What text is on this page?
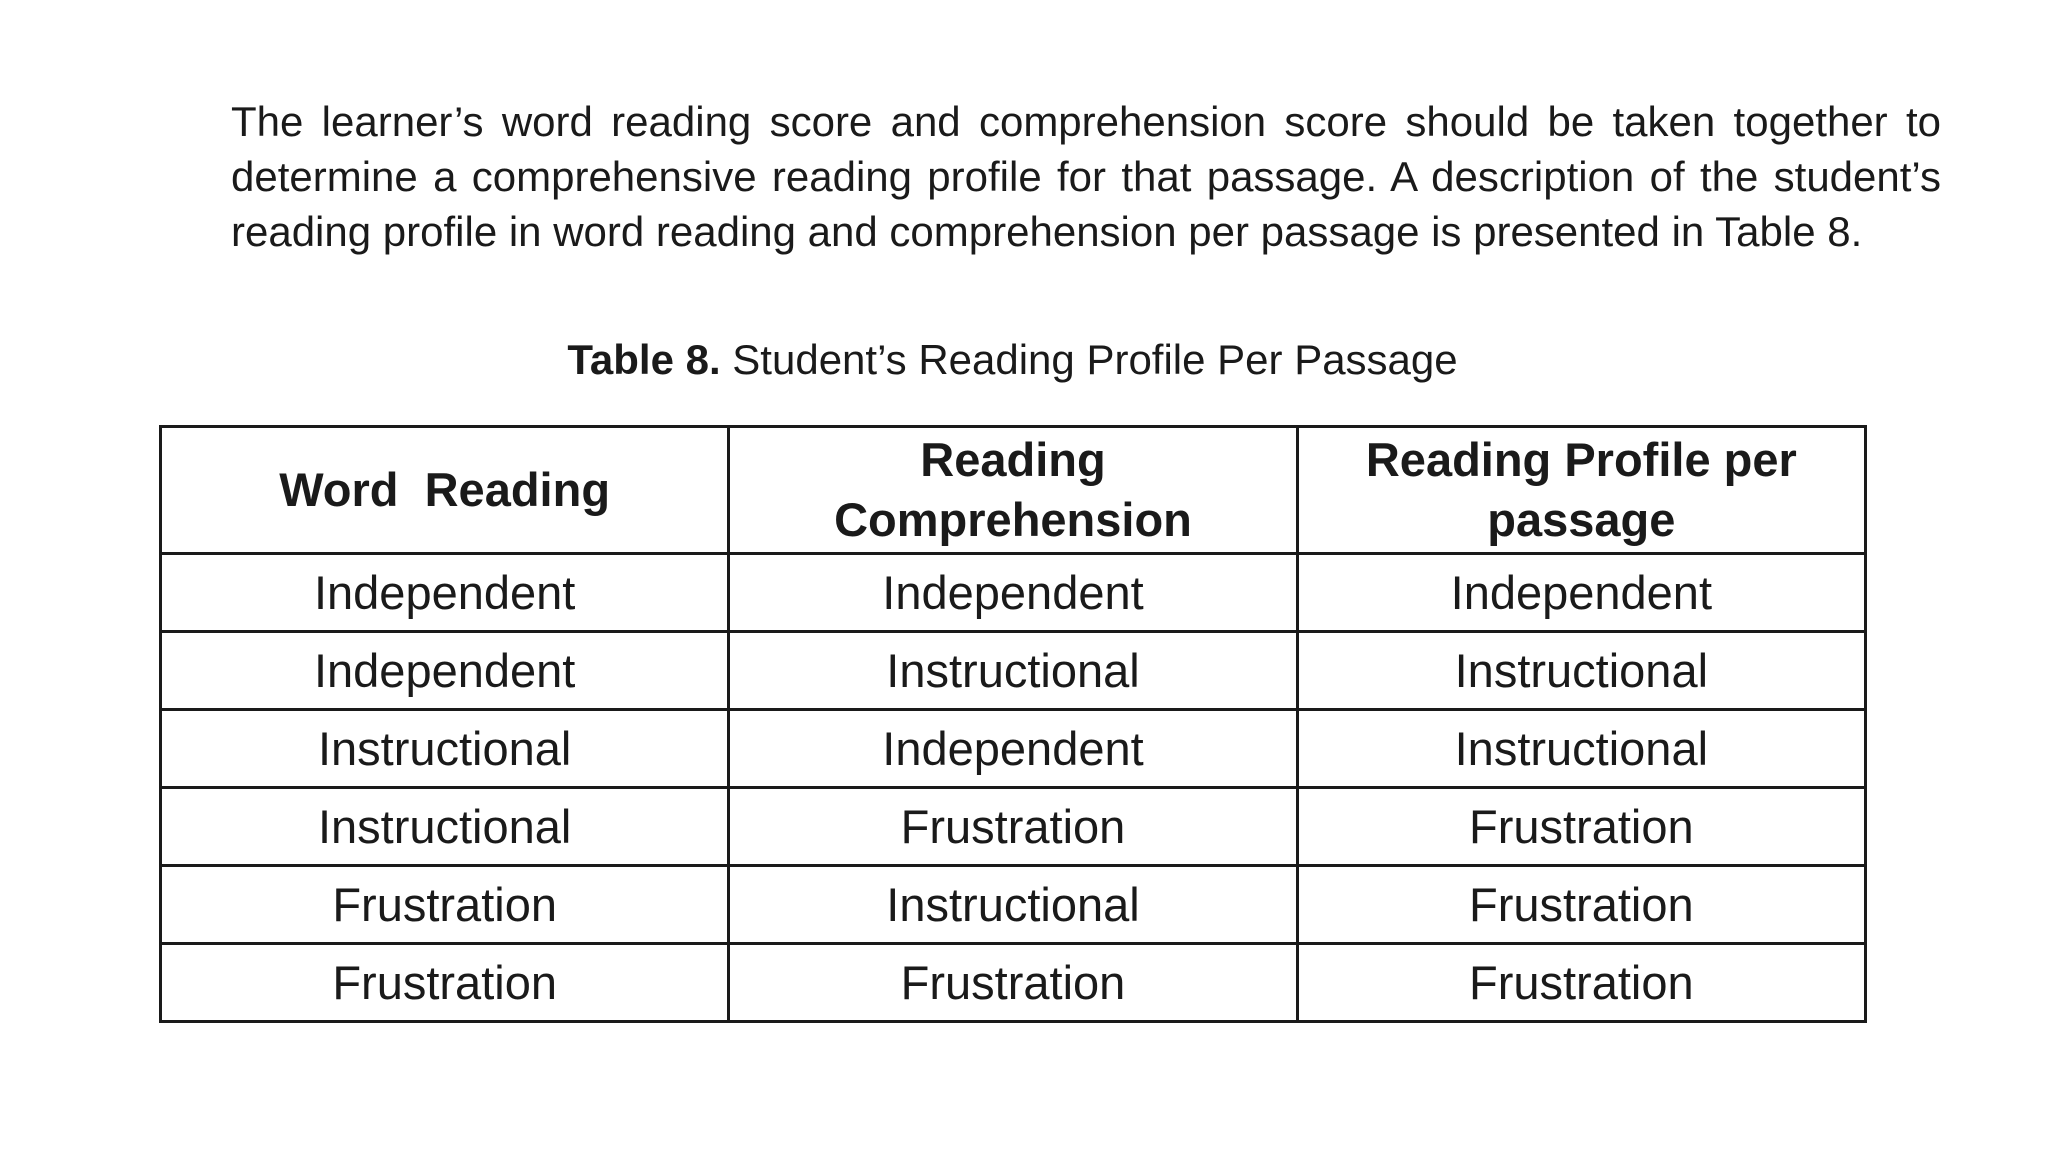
The learner’s word reading score and comprehension score should be taken together to determine a comprehensive reading profile for that passage. A description of the student’s reading profile in word reading and comprehension per passage is presented in Table 8.

Table 8. Student’s Reading Profile Per Passage

Word  Reading	Reading Comprehension	Reading Profile per passage
Independent	Independent	Independent
Independent	Instructional	Instructional
Instructional	Independent	Instructional
Instructional	Frustration	Frustration
Frustration	Instructional	Frustration
Frustration	Frustration	Frustration
